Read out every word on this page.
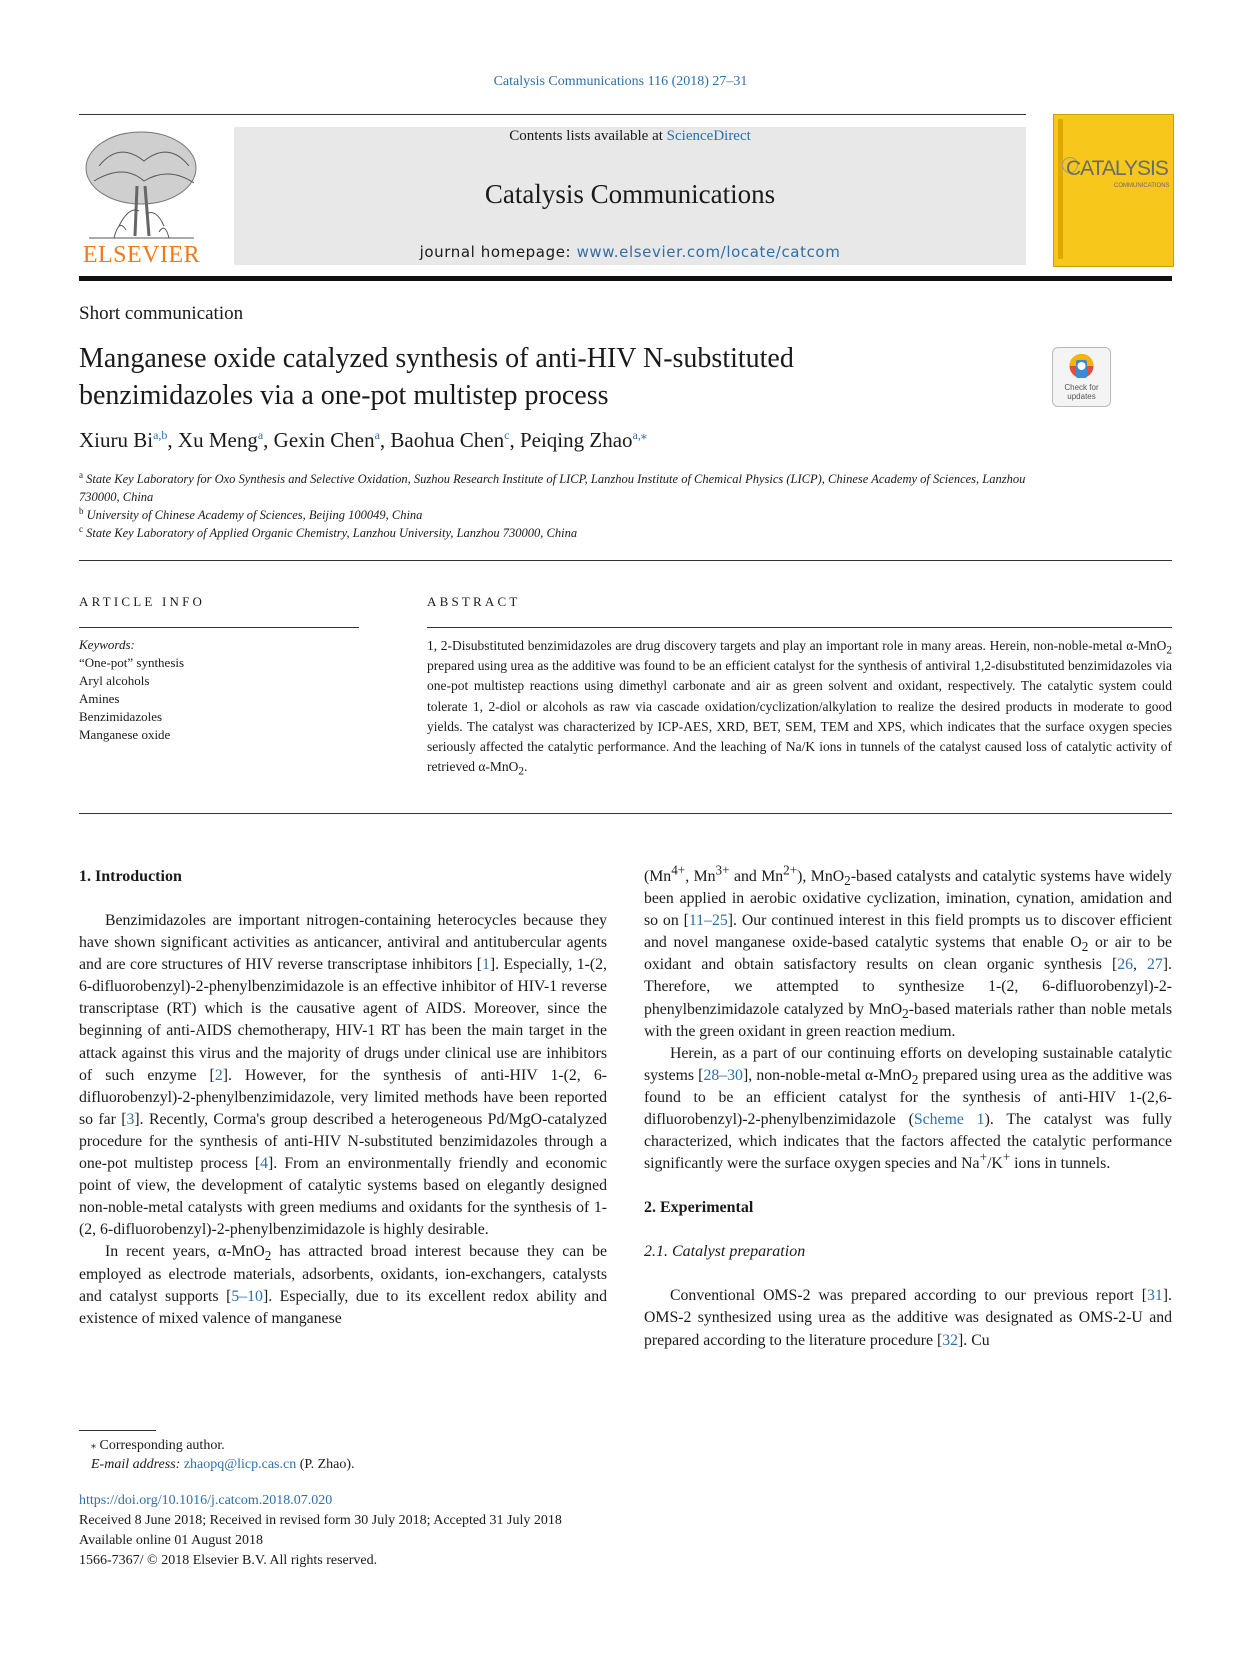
Catalysis Communications 116 (2018) 27–31
ELSEVIER
Contents lists available at ScienceDirect
Catalysis Communications
journal homepage: www.elsevier.com/locate/catcom
CATALYSIS
COMMUNICATIONS
Short communication
Manganese oxide catalyzed synthesis of anti-HIV N-substituted
benzimidazoles via a one-pot multistep process	Check for updates
Xiuru Bi$^{a,b}$, Xu Meng$^a$, Gexin Chen$^a$, Baohua Chen$^c$, Peiqing Zhao$^{a,⁎}$
$^a$ State Key Laboratory for Oxo Synthesis and Selective Oxidation, Suzhou Research Institute of LICP, Lanzhou Institute of Chemical Physics (LICP), Chinese Academy of Sciences, Lanzhou 730000, China
$^b$ University of Chinese Academy of Sciences, Beijing 100049, China
$^c$ State Key Laboratory of Applied Organic Chemistry, Lanzhou University, Lanzhou 730000, China
ARTICLE INFO	ABSTRACT
Keywords:
“One-pot” synthesis
Aryl alcohols
Amines
Benzimidazoles
Manganese oxide

1, 2-Disubstituted benzimidazoles are drug discovery targets and play an important role in many areas. Herein, non-noble-metal α-MnO$_2$ prepared using urea as the additive was found to be an efficient catalyst for the synthesis of antiviral 1,2-disubstituted benzimidazoles via one-pot multistep reactions using dimethyl carbonate and air as green solvent and oxidant, respectively. The catalytic system could tolerate 1, 2-diol or alcohols as raw via cascade oxidation/cyclization/alkylation to realize the desired products in moderate to good yields. The catalyst was characterized by ICP-AES, XRD, BET, SEM, TEM and XPS, which indicates that the surface oxygen species seriously affected the catalytic performance. And the leaching of Na/K ions in tunnels of the catalyst caused loss of catalytic activity of retrieved α-MnO$_2$.

1. Introduction

Benzimidazoles are important nitrogen-containing heterocycles because they have shown significant activities as anticancer, antiviral and antitubercular agents and are core structures of HIV reverse transcriptase inhibitors [1]. Especially, 1-(2, 6-difluorobenzyl)-2-phenylbenzimidazole is an effective inhibitor of HIV-1 reverse transcriptase (RT) which is the causative agent of AIDS. Moreover, since the beginning of anti-AIDS chemotherapy, HIV-1 RT has been the main target in the attack against this virus and the majority of drugs under clinical use are inhibitors of such enzyme [2]. However, for the synthesis of anti-HIV 1-(2, 6-difluorobenzyl)-2-phenylbenzimidazole, very limited methods have been reported so far [3]. Recently, Corma's group described a heterogeneous Pd/MgO-catalyzed procedure for the synthesis of anti-HIV N-substituted benzimidazoles through a one-pot multistep process [4]. From an environmentally friendly and economic point of view, the development of catalytic systems based on elegantly designed non-noble-metal catalysts with green mediums and oxidants for the synthesis of 1-(2, 6-difluorobenzyl)-2-phenylbenzimidazole is highly desirable.

In recent years, α-MnO$_2$ has attracted broad interest because they can be employed as electrode materials, adsorbents, oxidants, ion-exchangers, catalysts and catalyst supports [5–10]. Especially, due to its excellent redox ability and existence of mixed valence of manganese

($Mn^{4+}$, $Mn^{3+}$ and $Mn^{2+}$), MnO$_2$-based catalysts and catalytic systems have widely been applied in aerobic oxidative cyclization, imination, cynation, amidation and so on [11–25]. Our continued interest in this field prompts us to discover efficient and novel manganese oxide-based catalytic systems that enable $O_2$ or air to be oxidant and obtain satisfactory results on clean organic synthesis [26, 27]. Therefore, we attempted to synthesize 1-(2, 6-difluorobenzyl)-2-phenylbenzimidazole catalyzed by MnO$_2$-based materials rather than noble metals with the green oxidant in green reaction medium.

Herein, as a part of our continuing efforts on developing sustainable catalytic systems [28–30], non-noble-metal α-MnO$_2$ prepared using urea as the additive was found to be an efficient catalyst for the synthesis of anti-HIV 1-(2,6-difluorobenzyl)-2-phenylbenzimidazole (Scheme 1). The catalyst was fully characterized, which indicates that the factors affected the catalytic performance significantly were the surface oxygen species and Na+/K+ ions in tunnels.

2. Experimental
2.1. Catalyst preparation

Conventional OMS-2 was prepared according to our previous report [31]. OMS-2 synthesized using urea as the additive was designated as OMS-2-U and prepared according to the literature procedure [32]. Cu

⁎ Corresponding author.
E-mail address: zhaopq@licp.cas.cn (P. Zhao).
https://doi.org/10.1016/j.catcom.2018.07.020
Received 8 June 2018; Received in revised form 30 July 2018; Accepted 31 July 2018
Available online 01 August 2018
1566-7367/ © 2018 Elsevier B.V. All rights reserved.
